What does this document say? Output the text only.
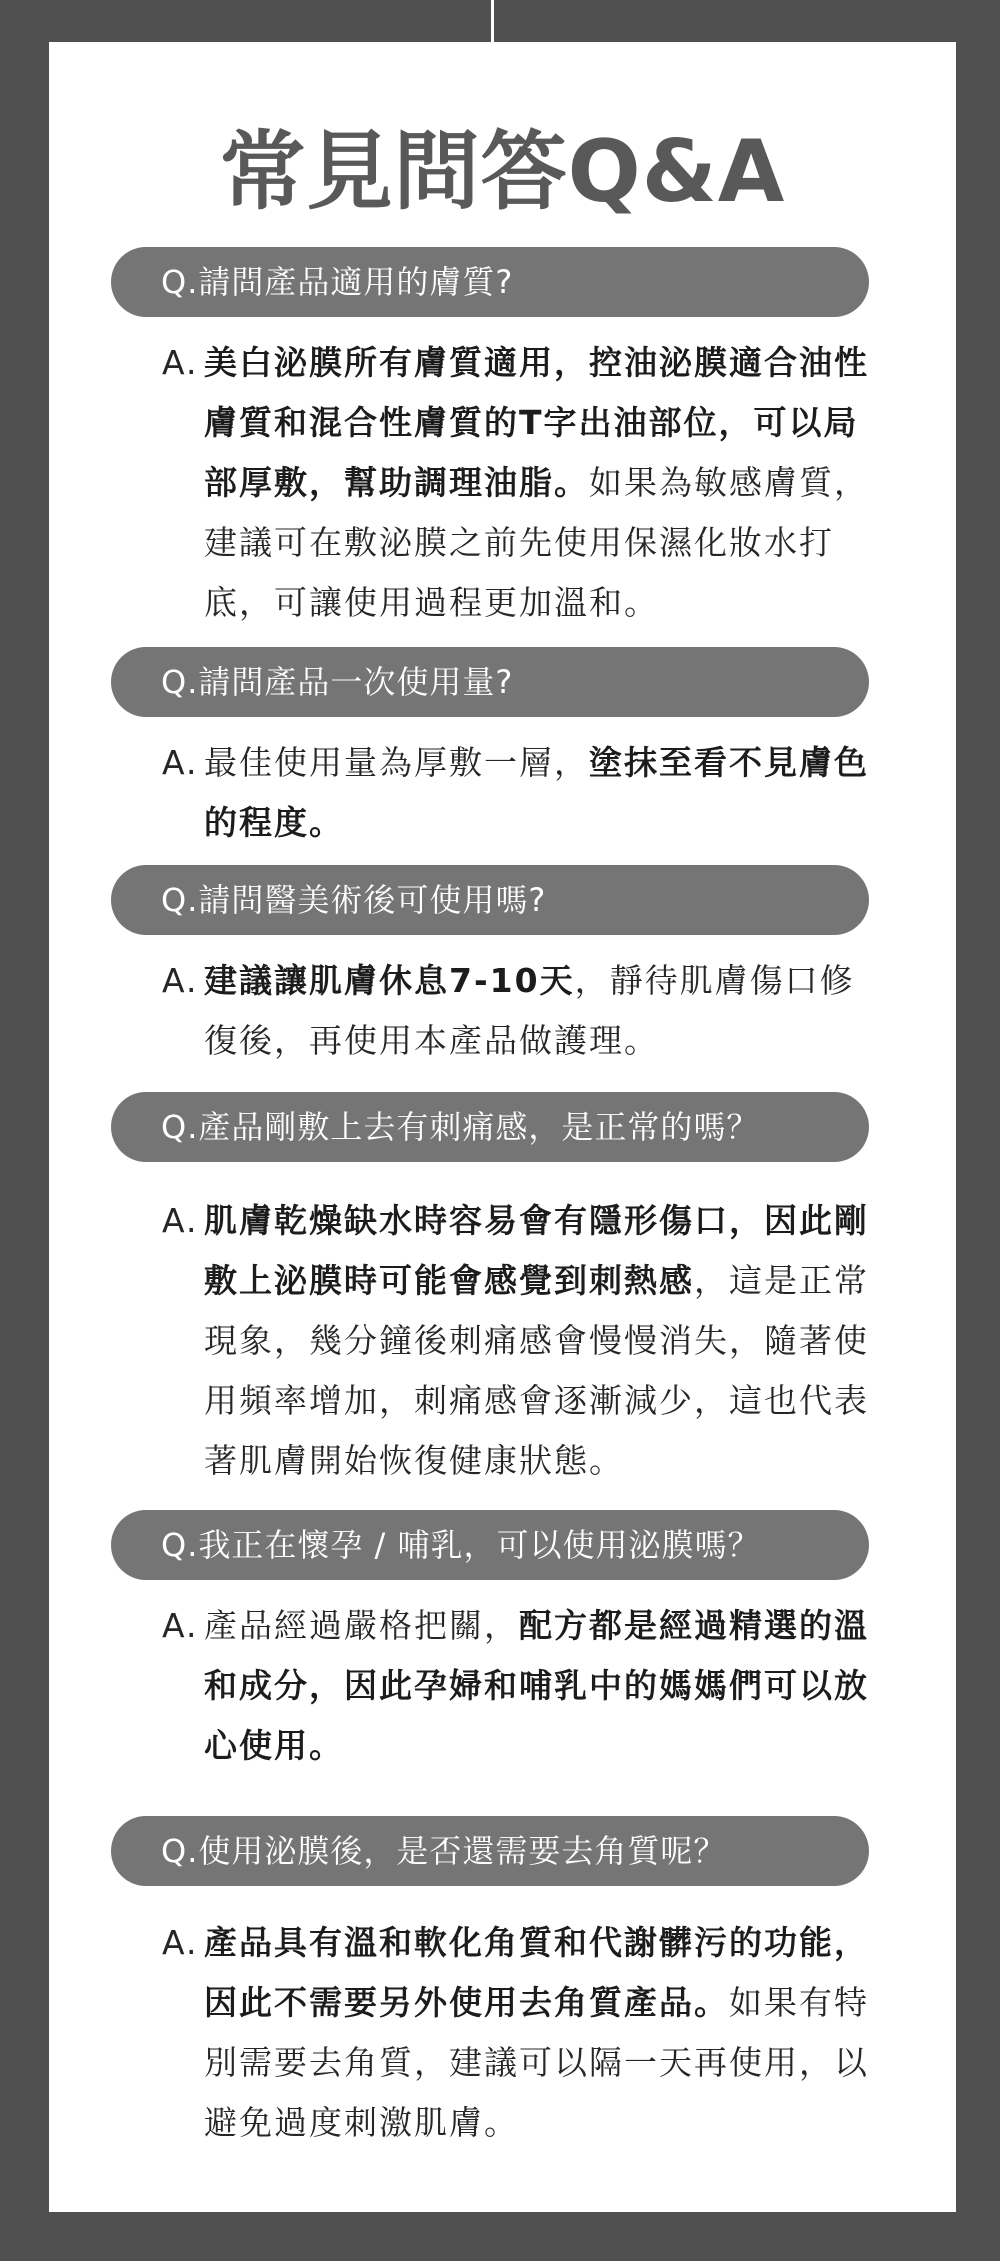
常見問答Q&A
Q.請問產品適用的膚質?
A. 美白泌膜所有膚質適用，控油泌膜適合油性膚質和混合性膚質的T字出油部位，可以局部厚敷，幫助調理油脂。如果為敏感膚質，建議可在敷泌膜之前先使用保濕化妝水打底，可讓使用過程更加溫和。
Q.請問產品一次使用量?
A. 最佳使用量為厚敷一層，塗抹至看不見膚色的程度。
Q.請問醫美術後可使用嗎?
A. 建議讓肌膚休息7-10天，靜待肌膚傷口修復後，再使用本產品做護理。
Q.產品剛敷上去有刺痛感，是正常的嗎？
A. 肌膚乾燥缺水時容易會有隱形傷口，因此剛敷上泌膜時可能會感覺到刺熱感，這是正常現象，幾分鐘後刺痛感會慢慢消失，隨著使用頻率增加，刺痛感會逐漸減少，這也代表著肌膚開始恢復健康狀態。
Q.我正在懷孕 / 哺乳，可以使用泌膜嗎？
A. 產品經過嚴格把關，配方都是經過精選的溫和成分，因此孕婦和哺乳中的媽媽們可以放心使用。
Q.使用泌膜後，是否還需要去角質呢？
A. 產品具有溫和軟化角質和代謝髒污的功能，因此不需要另外使用去角質產品。如果有特別需要去角質，建議可以隔一天再使用，以避免過度刺激肌膚。
